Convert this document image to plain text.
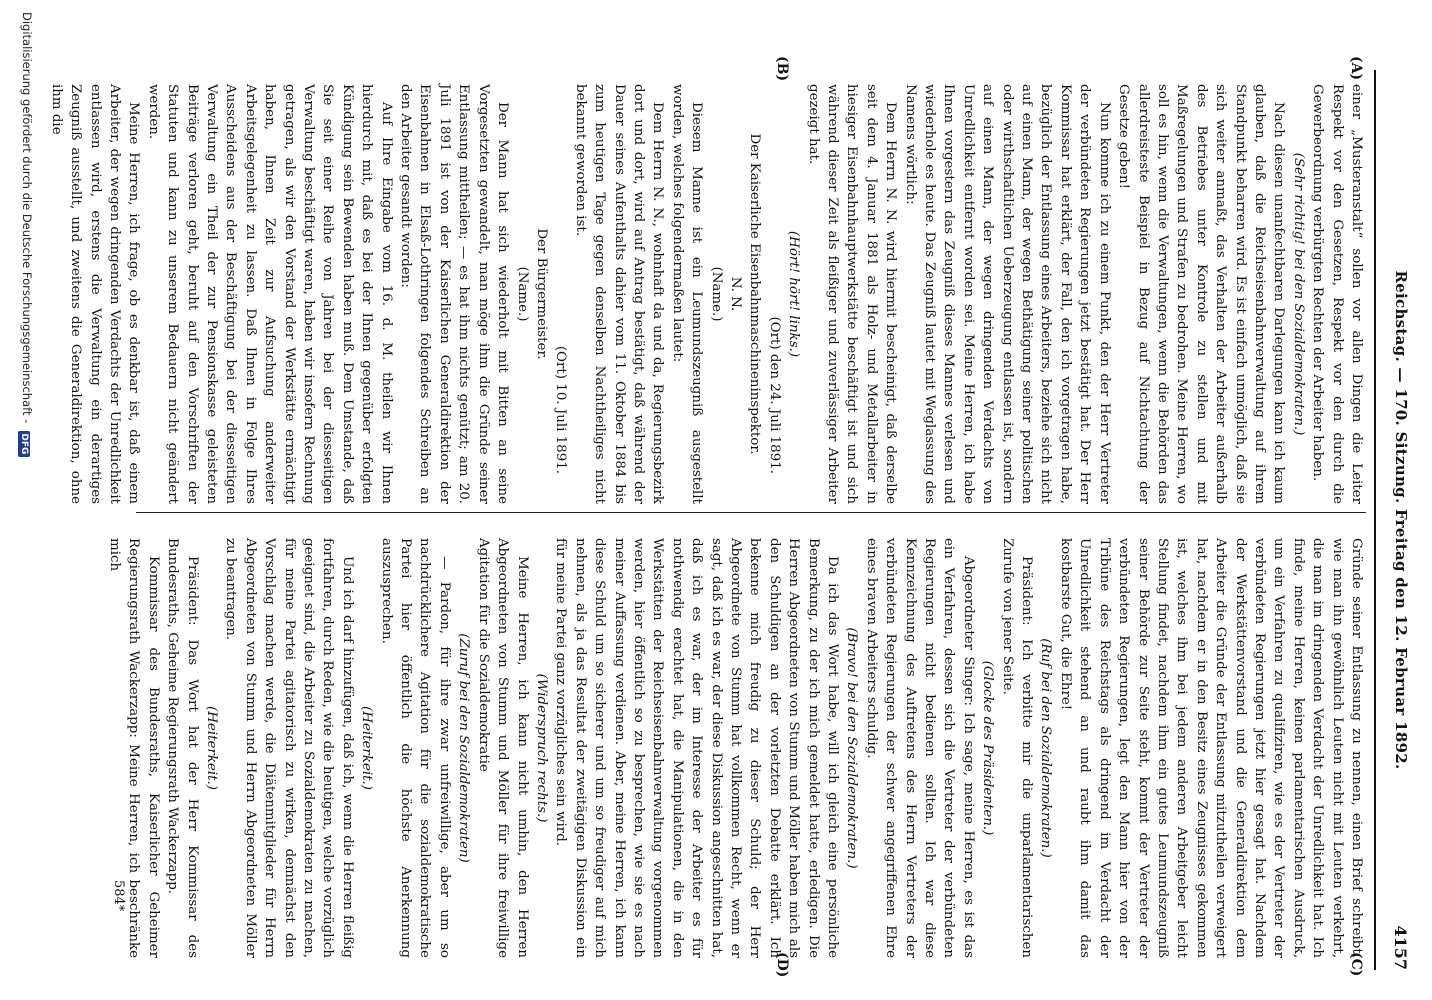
Reichstag. — 170. Sitzung. Freitag den 12. Februar 1892.
4157
(A)
(B)
(C)
(D)

einer „Musteranstalt“ sollen vor allen Dingen die Leiter Respekt vor den Gesetzen, Respekt vor den durch die Gewerbeordnung verbürgten Rechten der Arbeiter haben.

(Sehr richtig! bei den Sozialdemokraten.)

Nach diesen unanfechtbaren Darlegungen kann ich kaum glauben, daß die Reichseisenbahnverwaltung auf ihrem Standpunkt beharren wird. Es ist einfach unmöglich, daß sie sich weiter anmaßt, das Verhalten der Arbeiter außerhalb des Betriebes unter Kontrole zu stellen und mit Maßregelungen und Strafen zu bedrohen. Meine Herren, wo soll es hin, wenn die Verwaltungen, wenn die Behörden das allerdreisteste Beispiel in Bezug auf Nichtachtung der Gesetze geben!

Nun komme ich zu einem Punkt, den der Herr Vertreter der verbündeten Regierungen jetzt bestätigt hat. Der Herr Kommissar hat erklärt, der Fall, den ich vorgetragen habe, bezüglich der Entlassung eines Arbeiters, beziehe sich nicht auf einen Mann, der wegen Bethätigung seiner politischen oder wirthschaftlichen Ueberzeugung entlassen ist, sondern auf einen Mann, der wegen dringenden Verdachts von Unredlichkeit entfernt worden sei. Meine Herren, ich habe Ihnen vorgestern das Zeugniß dieses Mannes verlesen und wiederhole es heute. Das Zeugniß lautet mit Weglassung des Namens wörtlich:

Dem Herrn N. N. wird hiermit bescheinigt, daß derselbe seit dem 4. Januar 1881 als Holz- und Metallarbeiter in hiesiger Eisenbahnhauptwerkstätte beschäftigt ist und sich während dieser Zeit als fleißiger und zuverlässiger Arbeiter gezeigt hat.

(Hört! hört! links.)

(Ort) den 24. Juli 1891.

Der Kaiserliche Eisenbahnmaschineninspektor.

N. N.

(Name.)

Diesem Manne ist ein Leumundszeugniß ausgestellt worden, welches folgendermaßen lautet:

Dem Herrn N. N., wohnhaft da und da, Regierungsbezirk dort und dort, wird auf Antrag bestätigt, daß während der Dauer seines Aufenthalts dahier vom 11. Oktober 1884 bis zum heutigen Tage gegen denselben Nachtheiliges nicht bekannt geworden ist.

(Ort) 10. Juli 1891.

Der Bürgermeister.

(Name.)

Der Mann hat sich wiederholt mit Bitten an seine Vorgesetzten gewandelt, man möge ihm die Gründe seiner Entlassung mittheilen; — es hat ihm nichts genützt; am 20. Juli 1891 ist von der Kaiserlichen Generaldirektion der Eisenbahnen in Elsaß-Lothringen folgendes Schreiben an den Arbeiter gesandt worden:

Auf Ihre Eingabe vom 16. d. M. theilen wir Ihnen hierdurch mit, daß es bei der Ihnen gegenüber erfolgten Kündigung sein Bewenden haben muß. Dem Umstande, daß Sie seit einer Reihe von Jahren bei der diesseitigen Verwaltung beschäftigt waren, haben wir insofern Rechnung getragen, als wir den Vorstand der Werkstätte ermächtigt haben, Ihnen Zeit zur Aufsuchung anderweiter Arbeitsgelegenheit zu lassen. Daß Ihnen in Folge Ihres Ausscheidens aus der Beschäftigung bei der diesseitigen Verwaltung ein Theil der zur Pensionskasse geleisteten Beiträge verloren geht, beruht auf den Vorschriften der Statuten und kann zu unserem Bedauern nicht geändert werden.

Meine Herren, ich frage, ob es denkbar ist, daß einem Arbeiter, der wegen dringenden Verdachts der Unredlichkeit entlassen wird, erstens die Verwaltung ein derartiges Zeugniß ausstellt, und zweitens die Generaldirektion, ohne ihm die

Gründe seiner Entlassung zu nennen, einen Brief schreibt, wie man ihn gewöhnlich Leuten nicht mit Leuten verkehrt, die man im dringenden Verdacht der Unredlichkeit hat. Ich finde, meine Herren, keinen parlamentarischen Ausdruck, um ein Verfahren zu qualifiziren, wie es der Vertreter der verbündeten Regierungen jetzt hier gesagt hat. Nachdem der Werkstättenvorstand und die Generaldirektion dem Arbeiter die Gründe der Entlassung mitzutheilen verweigert hat, nachdem er in den Besitz eines Zeugnisses gekommen ist, welches ihm bei jedem anderen Arbeitgeber leicht Stellung findet, nachdem ihm ein gutes Leumundszeugniß seiner Behörde zur Seite steht, kommt der Vertreter der verbündeten Regierungen, legt den Mann hier von der Tribüne des Reichstags als dringend im Verdacht der Unredlichkeit stehend an und raubt ihm damit das kostbarste Gut, die Ehre!

(Ruf bei den Sozialdemokraten.)

Präsident: Ich verbitte mir die unparlamentarischen Zurufe von jener Seite.

(Glocke des Präsidenten.)

Abgeordneter Singer: Ich sage, meine Herren, es ist das ein Verfahren, dessen sich die Vertreter der verbündeten Regierungen nicht bedienen sollten. Ich war diese Kennzeichnung des Auftretens des Herrn Vertreters der verbündeten Regierungen der schwer angegriffenen Ehre eines braven Arbeiters schuldig.

(Bravo! bei den Sozialdemokraten.)

Da ich das Wort habe, will ich gleich eine persönliche Bemerkung, zu der ich mich gemeldet hatte, erledigen. Die Herren Abgeordneten von Stumm und Möller haben mich als den Schuldigen an der vorletzten Debatte erklärt. Ich bekenne mich freudig zu dieser Schuld; der Herr Abgeordnete von Stumm hat vollkommen Recht, wenn er sagt, daß ich es war, der diese Diskussion angeschnitten hat, daß ich es war, der im Interesse der Arbeiter es für nothwendig erachtet hat, die Manipulationen, die in den Werkstätten der Reichseisenbahnverwaltung vorgenommen werden, hier öffentlich so zu besprechen, wie sie es nach meiner Auffassung verdienen. Aber, meine Herren, ich kann diese Schuld um so sicherer und um so freudiger auf mich nehmen, als ja das Resultat der zweitägigen Diskussion ein für meine Partei ganz vorzügliches sein wird.

(Widerspruch rechts.)

Meine Herren, ich kann nicht umhin, den Herren Abgeordneten von Stumm und Möller für ihre freiwillige Agitation für die Sozialdemokratie

(Zuruf bei den Sozialdemokraten)

— Pardon, für ihre zwar unfreiwillige, aber um so nachdrücklichere Agitation für die sozialdemokratische Partei hier öffentlich die höchste Anerkennung auszusprechen.

(Heiterkeit.)

Und ich darf hinzufügen, daß ich, wenn die Herren fleißig fortfahren, durch Reden, wie die heutigen, welche vorzüglich geeignet sind, die Arbeiter zu Sozialdemokraten zu machen, für meine Partei agitatorisch zu wirken, demnächst den Vorschlag machen werde, die Diätenmitglieder für Herrn Abgeordneten von Stumm und Herrn Abgeordneten Möller zu beantragen.

(Heiterkeit.)

Präsident: Das Wort hat der Herr Kommissar des Bundesraths, Geheime Regierungsrath Wackerzapp.

Kommissar des Bundesraths, Kaiserlicher Geheimer Regierungsrath Wackerzapp: Meine Herren, ich beschränke mich

584*
Digitalisierung gefördert durch die Deutsche Forschungsgemeinschaft - DFG
